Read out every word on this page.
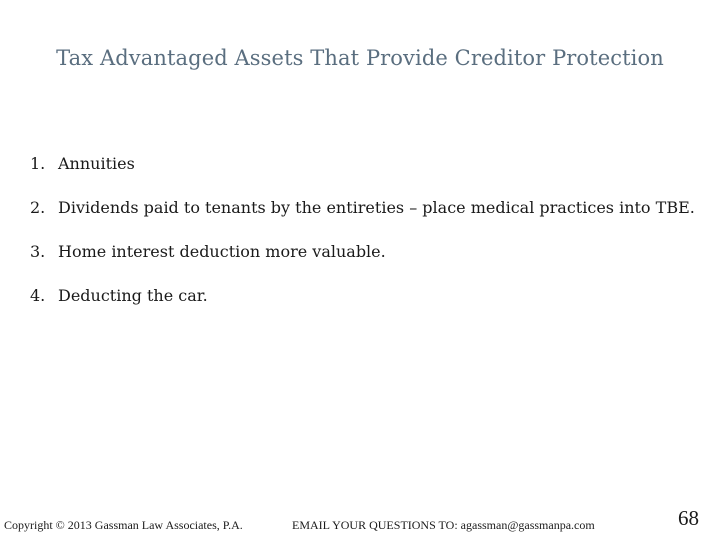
Tax Advantaged Assets That Provide Creditor Protection
1. Annuities
2. Dividends paid to tenants by the entireties – place medical practices into TBE.
3. Home interest deduction more valuable.
4. Deducting the car.
Copyright © 2013 Gassman Law Associates, P.A.	EMAIL YOUR QUESTIONS TO: agassman@gassmanpa.com	68
